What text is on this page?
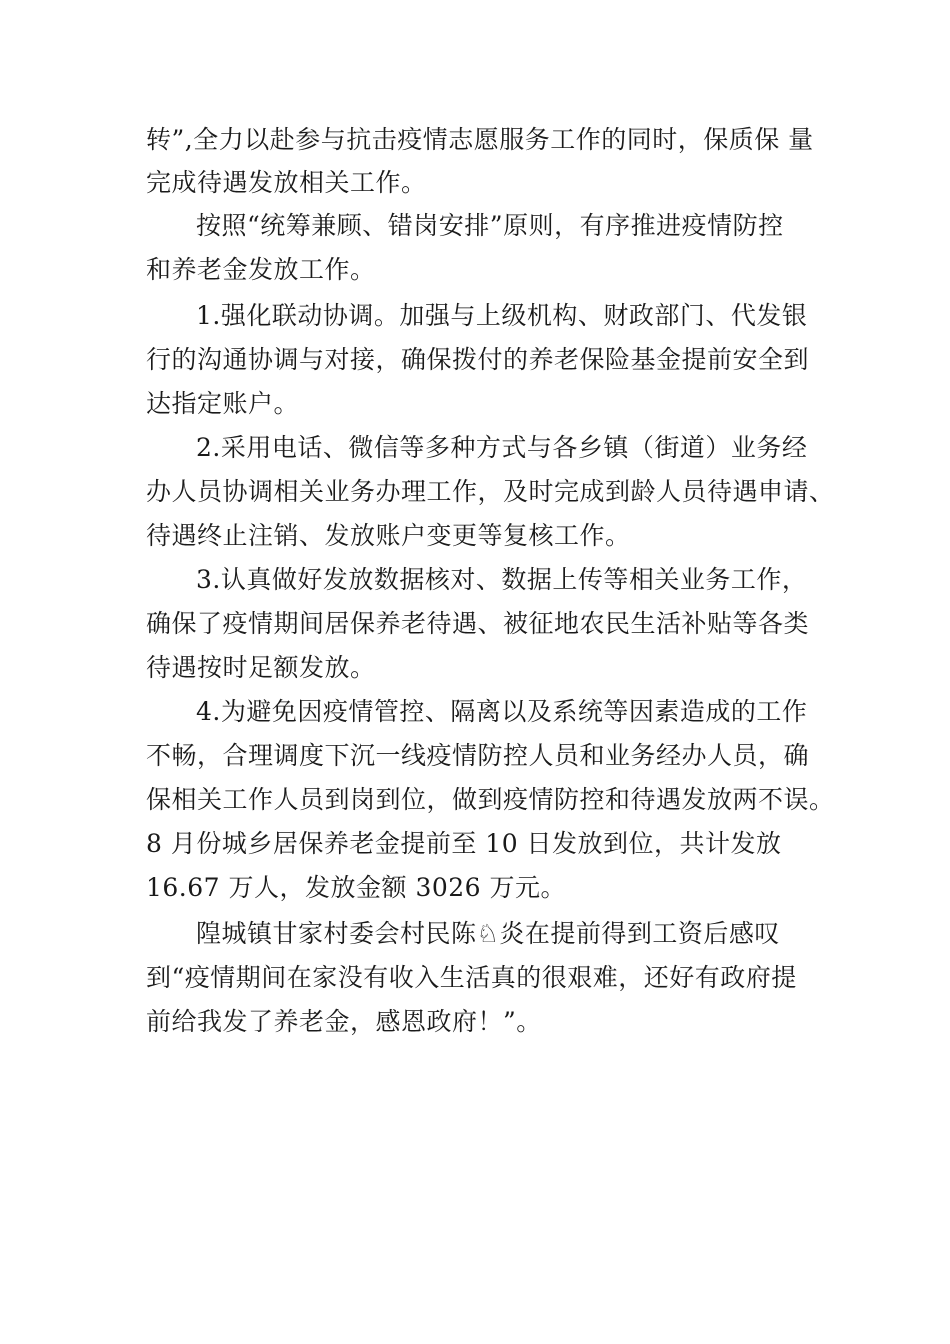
转”,全力以赴参与抗击疫情志愿服务工作的同时，保质保 量
完成待遇发放相关工作。
按照“统筹兼顾、错岗安排”原则，有序推进疫情防控
和养老金发放工作。
1.强化联动协调。加强与上级机构、财政部门、代发银
行的沟通协调与对接，确保拨付的养老保险基金提前安全到
达指定账户。
2.采用电话、微信等多种方式与各乡镇（街道）业务经
办人员协调相关业务办理工作，及时完成到龄人员待遇申请、
待遇终止注销、发放账户变更等复核工作。
3.认真做好发放数据核对、数据上传等相关业务工作，
确保了疫情期间居保养老待遇、被征地农民生活补贴等各类
待遇按时足额发放。
4.为避免因疫情管控、隔离以及系统等因素造成的工作
不畅，合理调度下沉一线疫情防控人员和业务经办人员，确
保相关工作人员到岗到位，做到疫情防控和待遇发放两不误。
8 月份城乡居保养老金提前至 10 日发放到位，共计发放
16.67 万人，发放金额 3026 万元。
隍城镇甘家村委会村民陈♘炎在提前得到工资后感叹
到“疫情期间在家没有收入生活真的很艰难，还好有政府提
前给我发了养老金，感恩政府！”。
